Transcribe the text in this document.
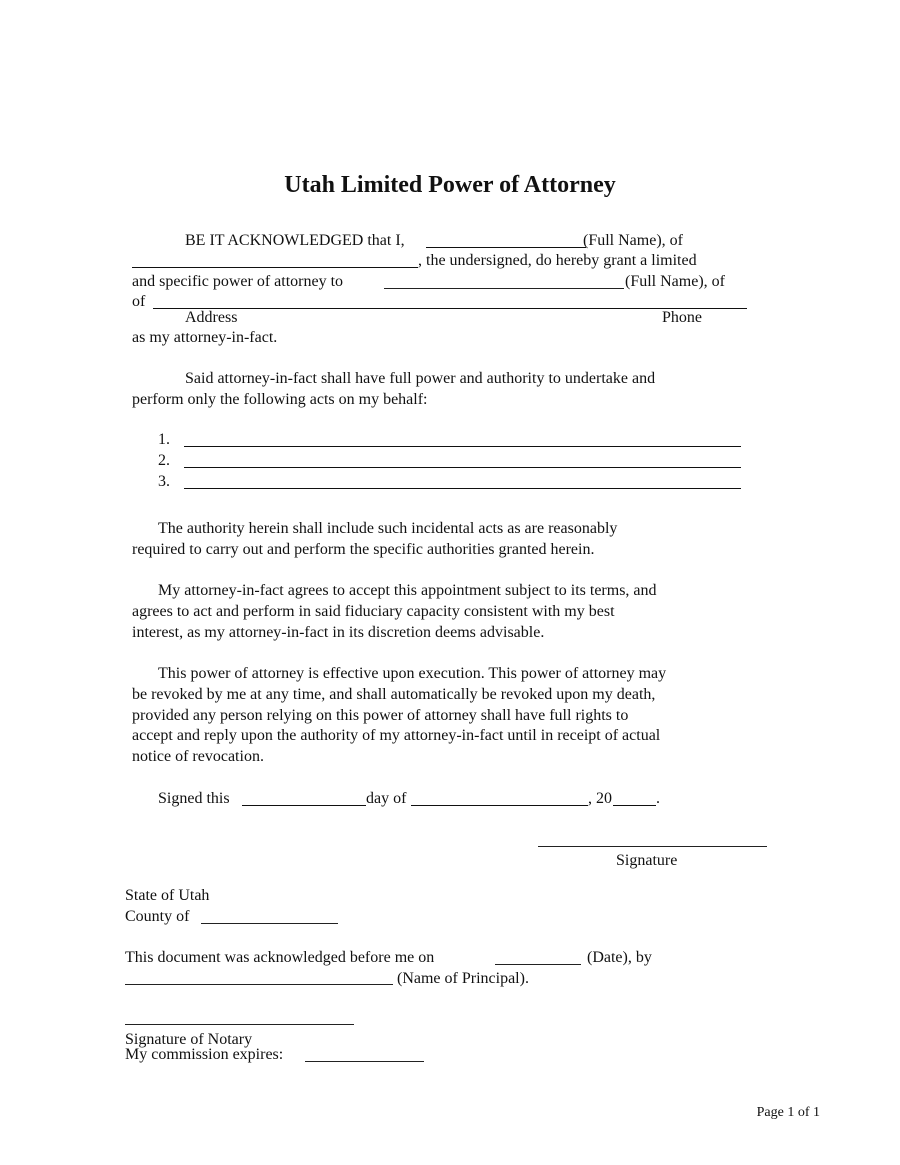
Utah Limited Power of Attorney
BE IT ACKNOWLEDGED that I,	(Full Name), of
, the undersigned, do hereby grant a limited
and specific power of attorney to	(Full Name), of
of
Address	Phone
as my attorney-in-fact.
Said attorney-in-fact shall have full power and authority to undertake and
perform only the following acts on my behalf:
1.
2.
3.
The authority herein shall include such incidental acts as are reasonably
required to carry out and perform the specific authorities granted herein.
My attorney-in-fact agrees to accept this appointment subject to its terms, and
agrees to act and perform in said fiduciary capacity consistent with my best
interest, as my attorney-in-fact in its discretion deems advisable.
This power of attorney is effective upon execution. This power of attorney may
be revoked by me at any time, and shall automatically be revoked upon my death,
provided any person relying on this power of attorney shall have full rights to
accept and reply upon the authority of my attorney-in-fact until in receipt of actual
notice of revocation.
Signed this	day of	, 20	.
Signature
State of Utah
County of
This document was acknowledged before me on	(Date), by
(Name of Principal).
Signature of Notary
My commission expires:
Page 1 of 1
